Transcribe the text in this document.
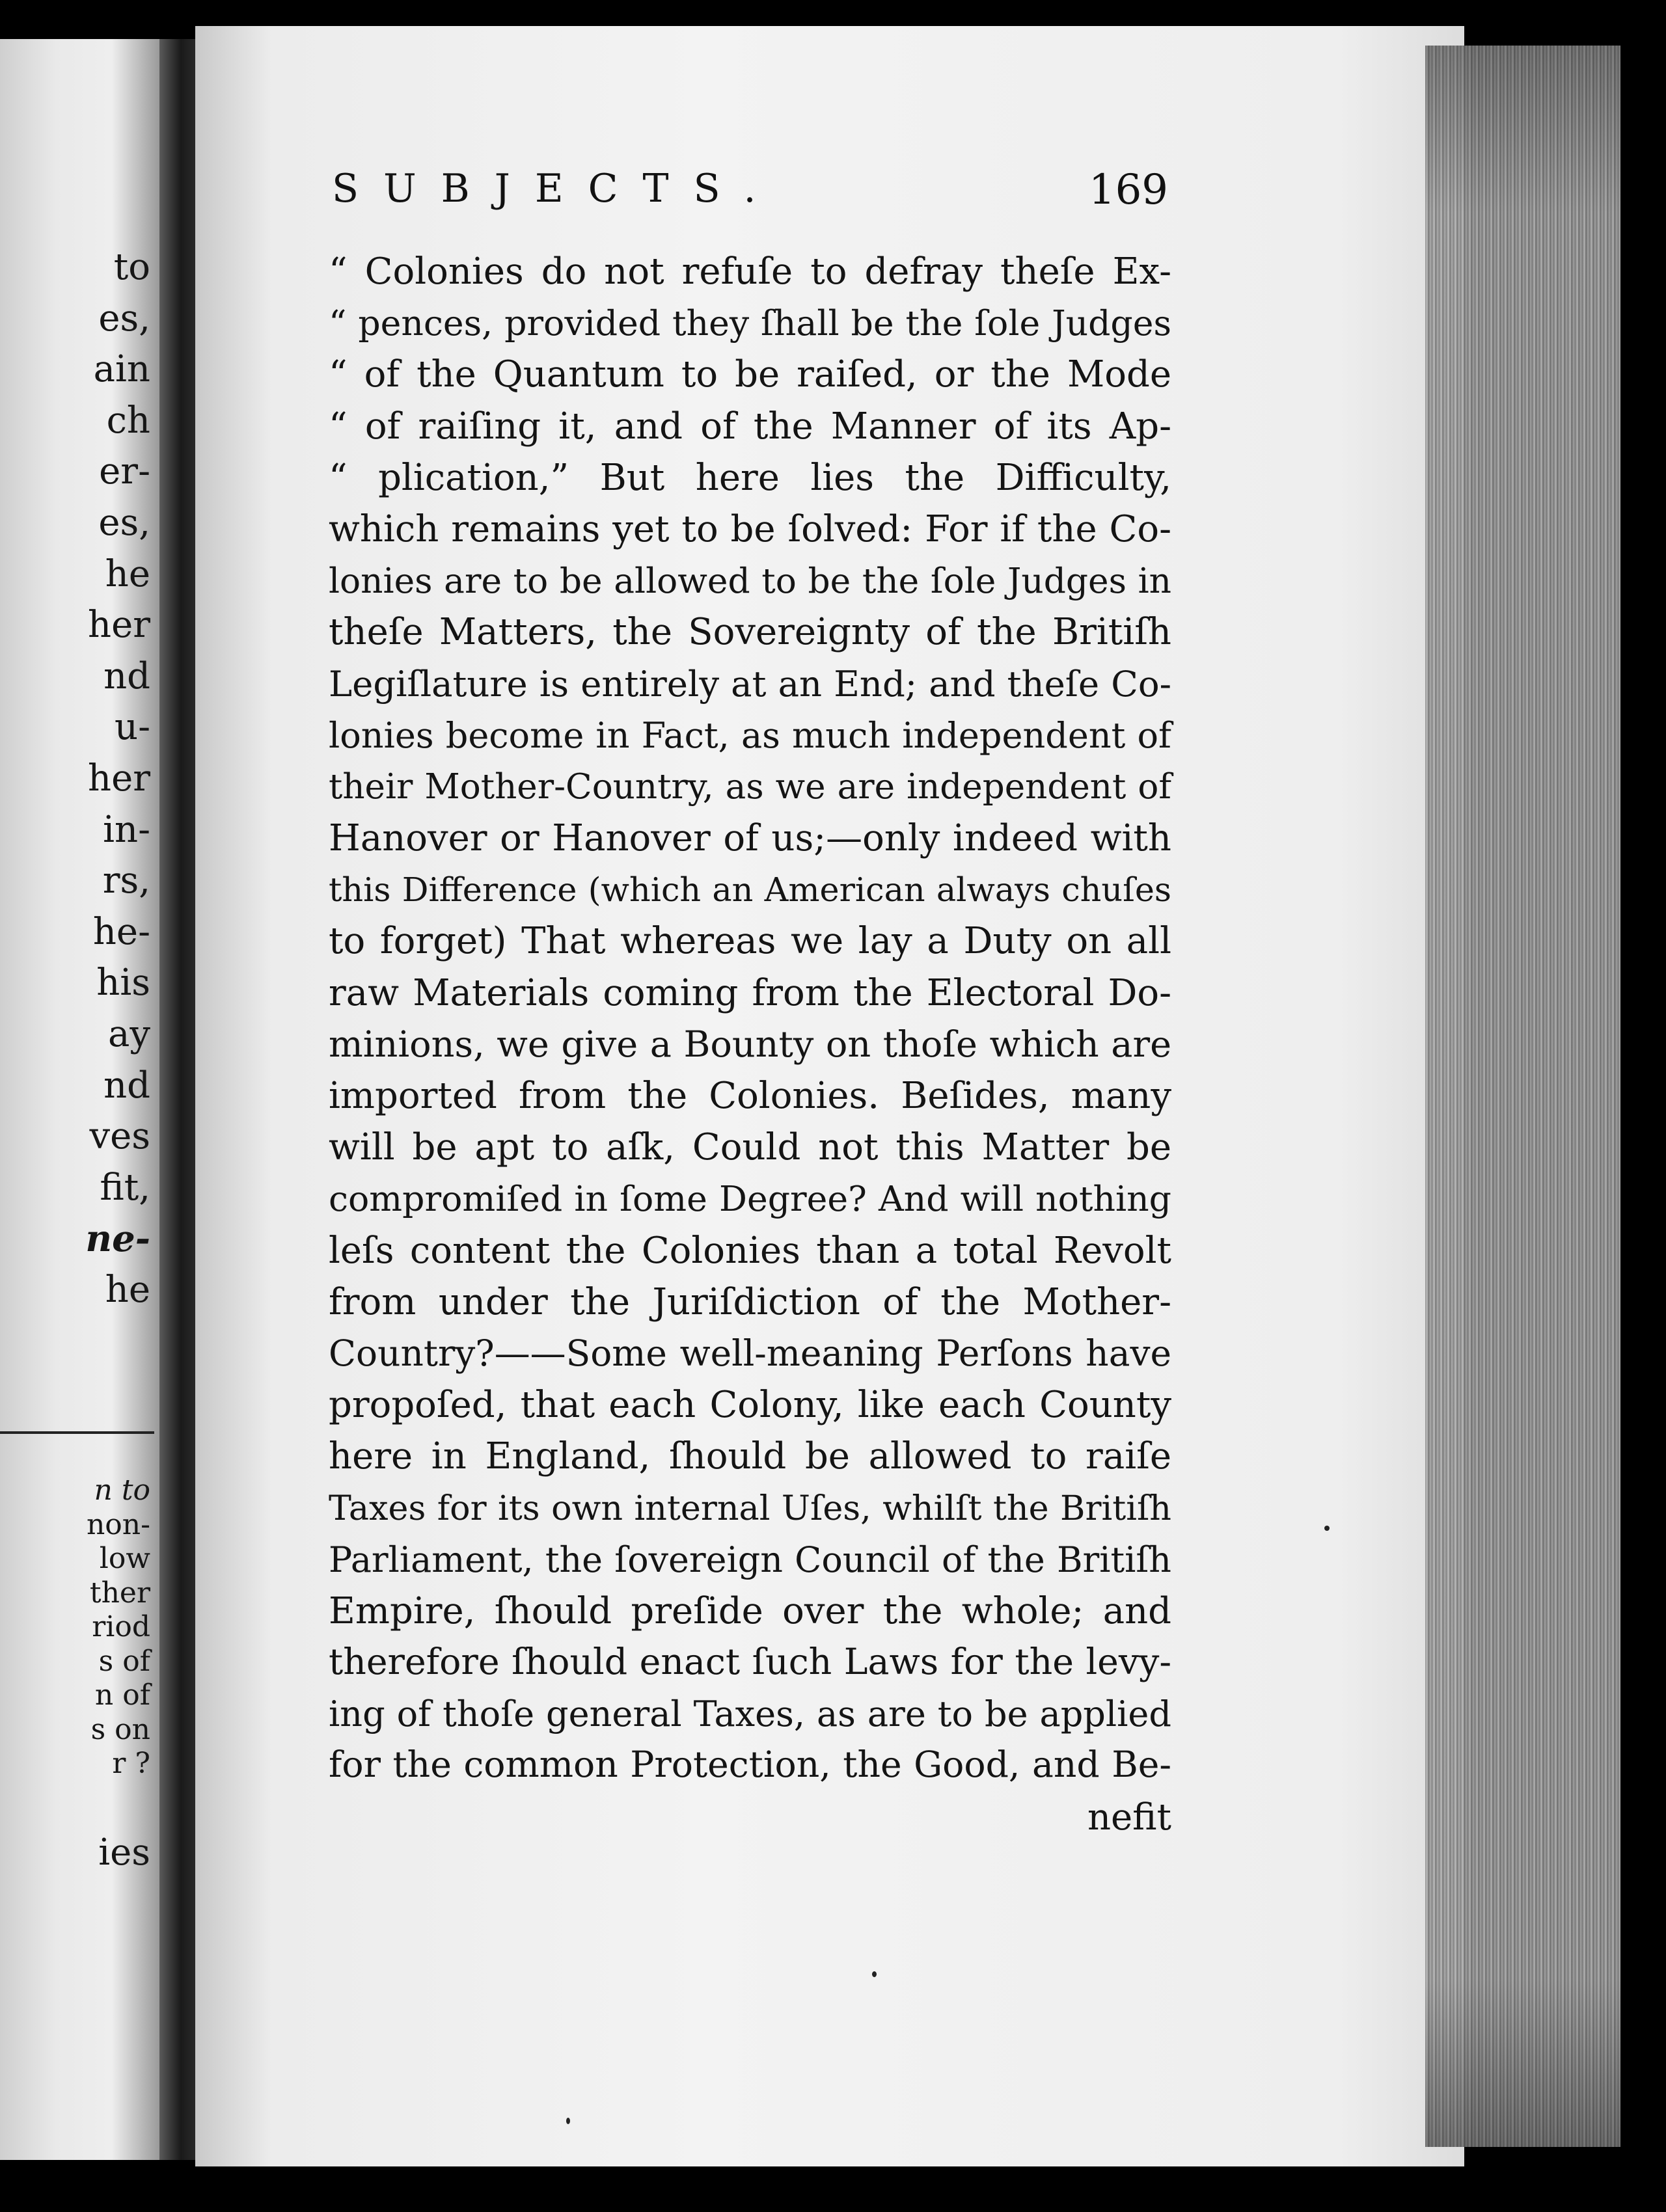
to
es,
ain
ch
er-
es,
he
her
nd
u-
her
in-
rs,
he-
his
ay
nd
ves
fit,
ne-
he
n to
non-
low
ther
riod
s of
n of
s on
r ?
ies
SUBJECTS.	169
“ Colonies do not refuſe to defray theſe Ex-
“ pences, provided they ſhall be the ſole Judges
“ of the Quantum to be raiſed, or the Mode
“ of raiſing it, and of the Manner of its Ap-
“ plication,” But here lies the Difficulty,
which remains yet to be ſolved: For if the Co-
lonies are to be allowed to be the ſole Judges in
theſe Matters, the Sovereignty of the Britiſh
Legiſlature is entirely at an End; and theſe Co-
lonies become in Fact, as much independent of
their Mother-Country, as we are independent of
Hanover or Hanover of us;—only indeed with
this Difference (which an American always chuſes
to forget) That whereas we lay a Duty on all
raw Materials coming from the Electoral Do-
minions, we give a Bounty on thoſe which are
imported from the Colonies. Beſides, many
will be apt to aſk, Could not this Matter be
compromiſed in ſome Degree? And will nothing
leſs content the Colonies than a total Revolt
from under the Juriſdiction of the Mother-
Country?——Some well-meaning Perſons have
propoſed, that each Colony, like each County
here in England, ſhould be allowed to raiſe
Taxes for its own internal Uſes, whilſt the Britiſh
Parliament, the ſovereign Council of the Britiſh
Empire, ſhould preſide over the whole; and
therefore ſhould enact ſuch Laws for the levy-
ing of thoſe general Taxes, as are to be applied
for the common Protection, the Good, and Be-
nefit
